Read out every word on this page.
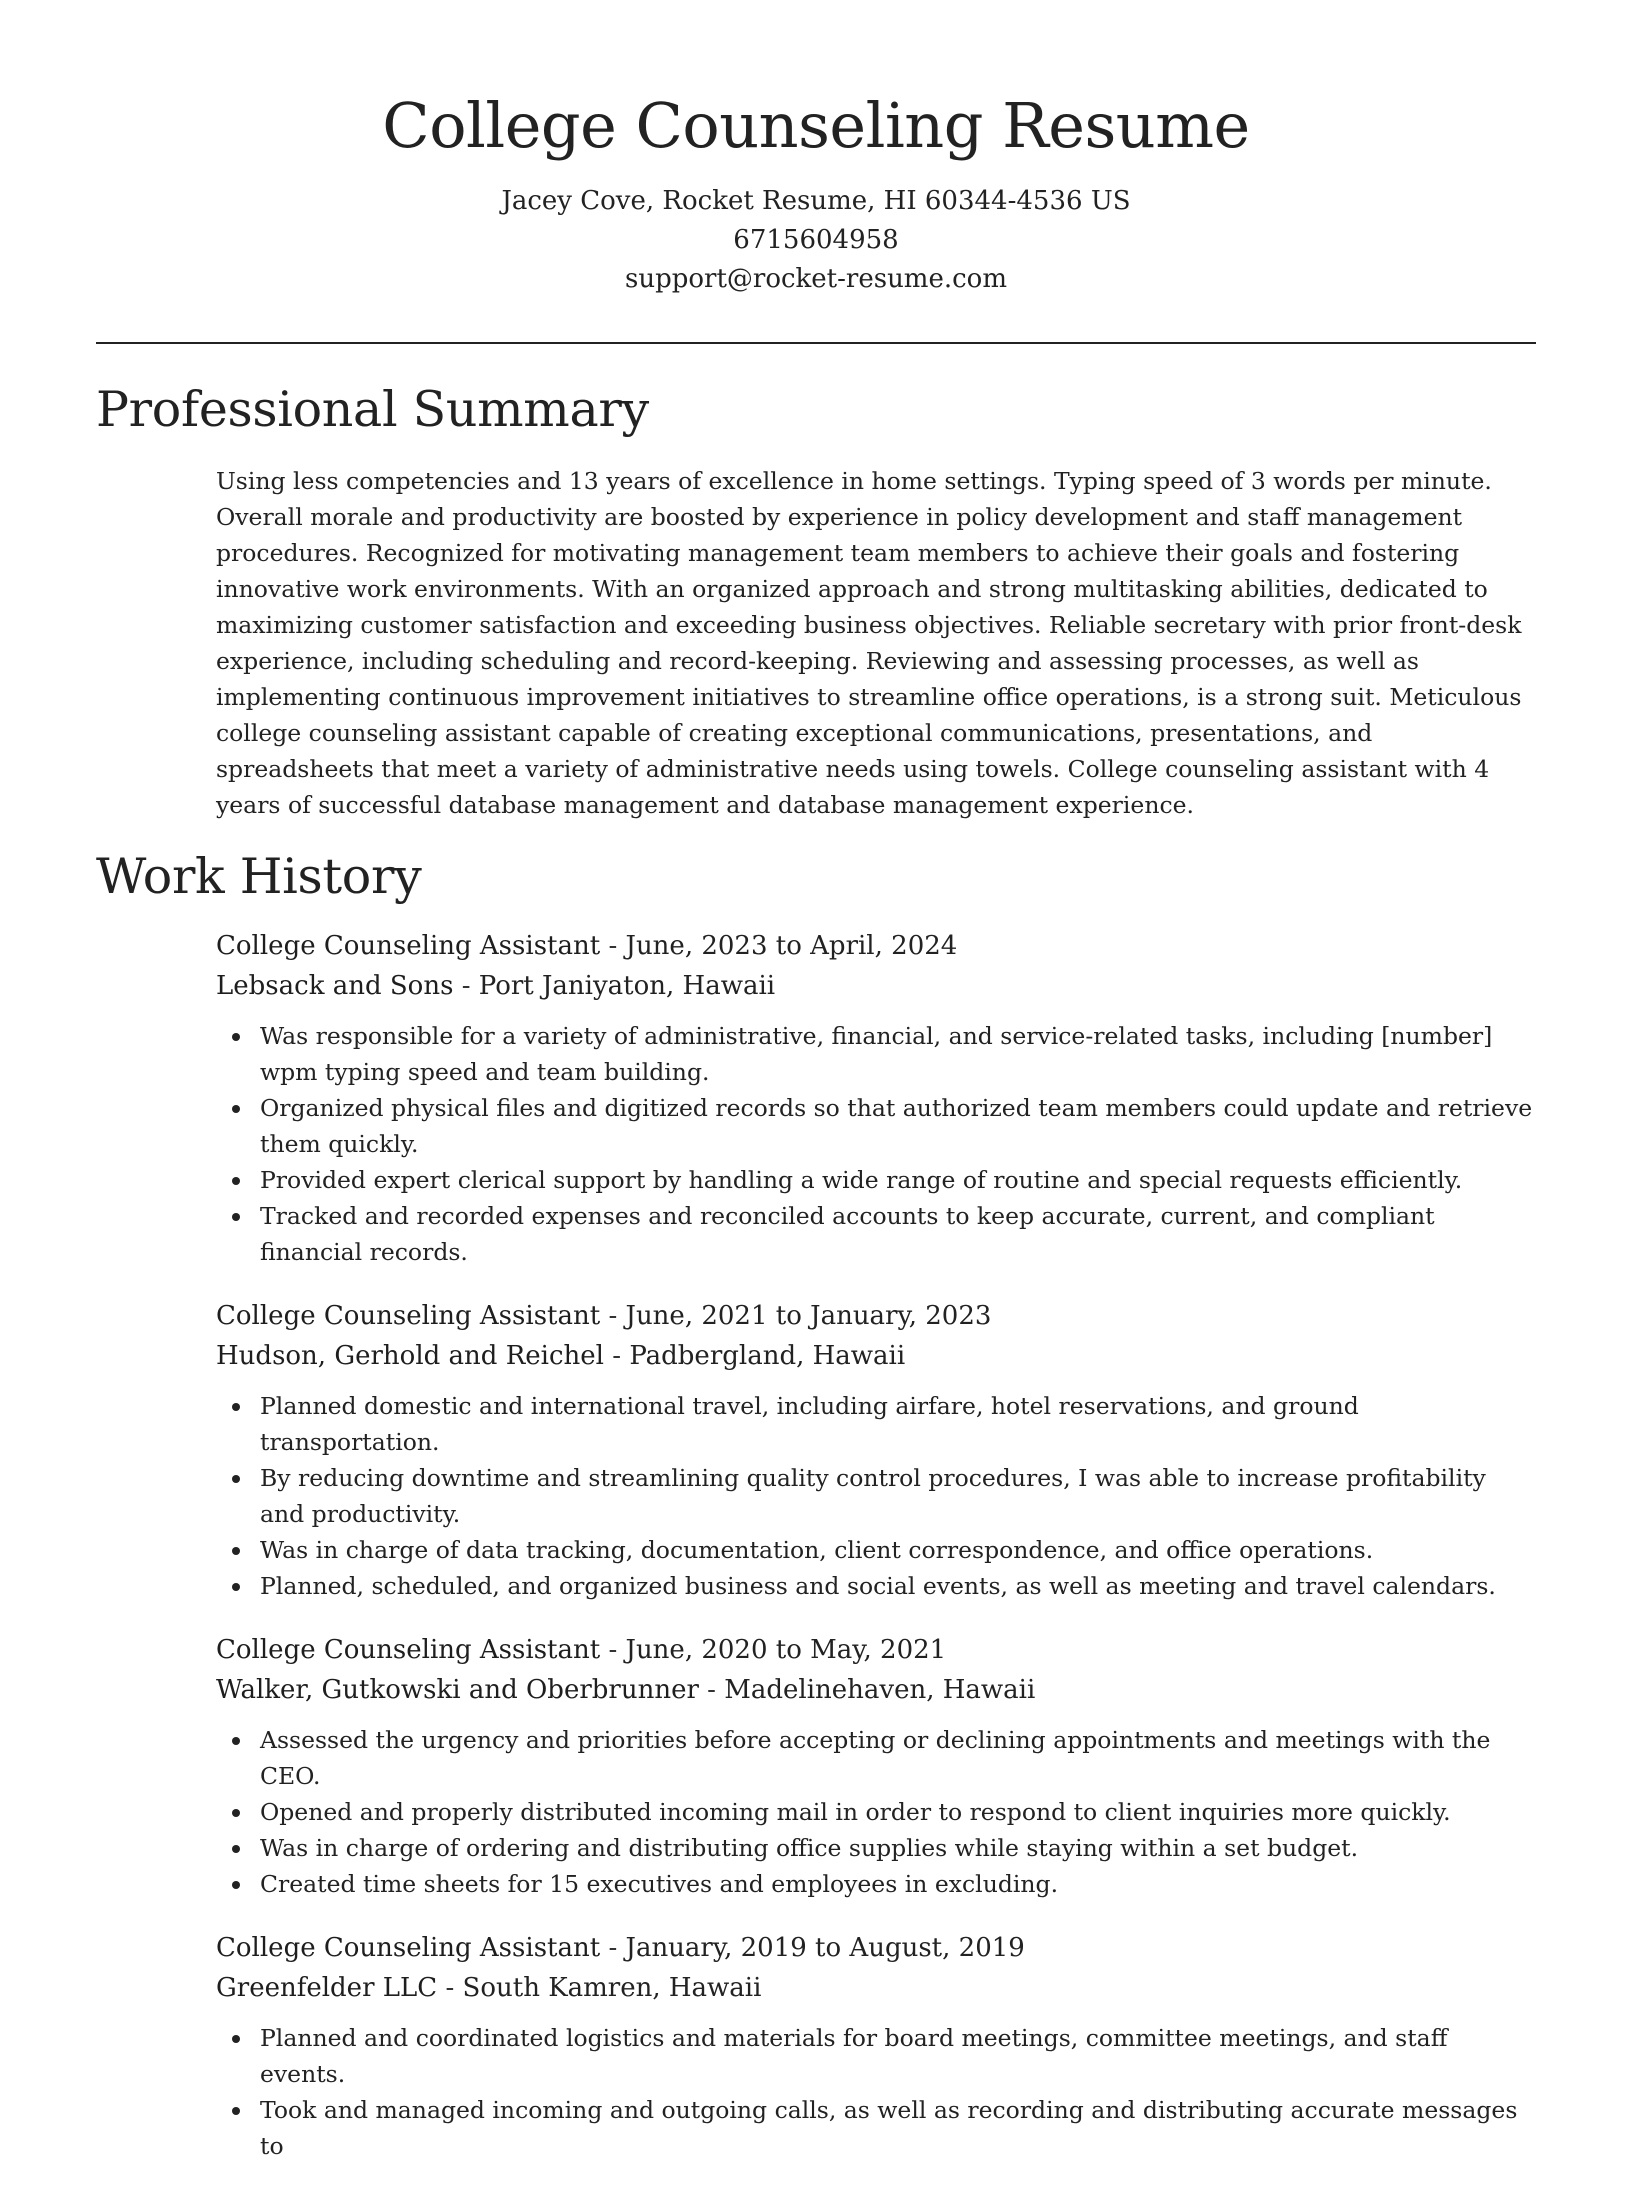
College Counseling Resume
Jacey Cove, Rocket Resume, HI 60344-4536 US
6715604958
support@rocket-resume.com
Professional Summary

Using less competencies and 13 years of excellence in home settings. Typing speed of 3 words per minute. Overall morale and productivity are boosted by experience in policy development and staff management procedures. Recognized for motivating management team members to achieve their goals and fostering innovative work environments. With an organized approach and strong multitasking abilities, dedicated to maximizing customer satisfaction and exceeding business objectives. Reliable secretary with prior front-desk experience, including scheduling and record-keeping. Reviewing and assessing processes, as well as implementing continuous improvement initiatives to streamline office operations, is a strong suit. Meticulous college counseling assistant capable of creating exceptional communications, presentations, and spreadsheets that meet a variety of administrative needs using towels. College counseling assistant with 4 years of successful database management and database management experience.

Work History
College Counseling Assistant - June, 2023 to April, 2024
Lebsack and Sons - Port Janiyaton, Hawaii
Was responsible for a variety of administrative, financial, and service-related tasks, including [number] wpm typing speed and team building.
Organized physical files and digitized records so that authorized team members could update and retrieve them quickly.
Provided expert clerical support by handling a wide range of routine and special requests efficiently.
Tracked and recorded expenses and reconciled accounts to keep accurate, current, and compliant financial records.
College Counseling Assistant - June, 2021 to January, 2023
Hudson, Gerhold and Reichel - Padbergland, Hawaii
Planned domestic and international travel, including airfare, hotel reservations, and ground transportation.
By reducing downtime and streamlining quality control procedures, I was able to increase profitability and productivity.
Was in charge of data tracking, documentation, client correspondence, and office operations.
Planned, scheduled, and organized business and social events, as well as meeting and travel calendars.
College Counseling Assistant - June, 2020 to May, 2021
Walker, Gutkowski and Oberbrunner - Madelinehaven, Hawaii
Assessed the urgency and priorities before accepting or declining appointments and meetings with the CEO.
Opened and properly distributed incoming mail in order to respond to client inquiries more quickly.
Was in charge of ordering and distributing office supplies while staying within a set budget.
Created time sheets for 15 executives and employees in excluding.
College Counseling Assistant - January, 2019 to August, 2019
Greenfelder LLC - South Kamren, Hawaii
Planned and coordinated logistics and materials for board meetings, committee meetings, and staff events.
Took and managed incoming and outgoing calls, as well as recording and distributing accurate messages to
